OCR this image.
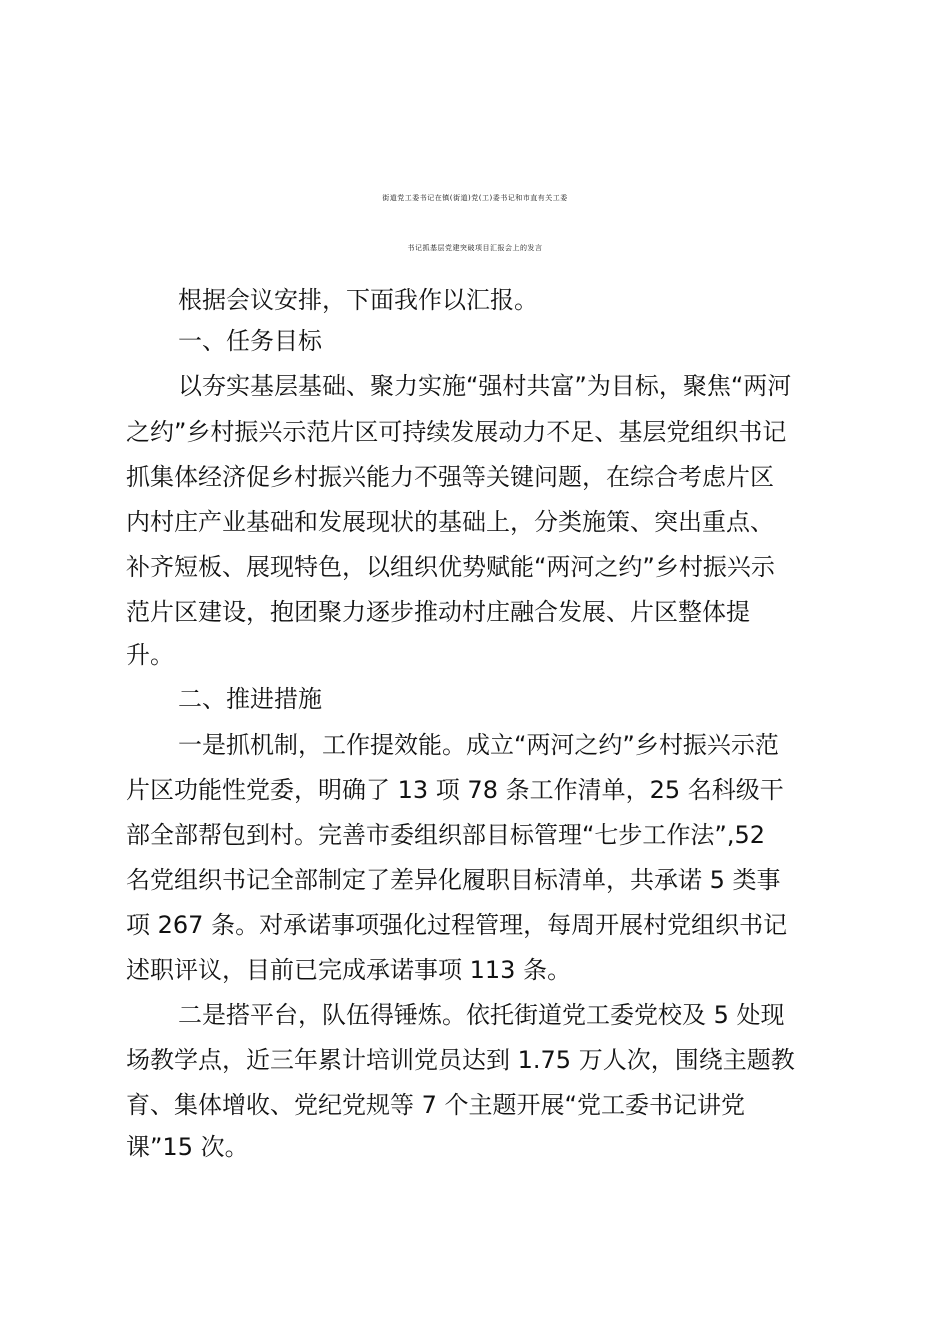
街道党工委书记在镇(街道)党(工)委书记和市直有关工委
书记抓基层党建突破项目汇报会上的发言

根据会议安排，下面我作以汇报。

一、任务目标

以夯实基层基础、聚力实施“强村共富”为目标，聚焦“两河

之约”乡村振兴示范片区可持续发展动力不足、基层党组织书记

抓集体经济促乡村振兴能力不强等关键问题，在综合考虑片区

内村庄产业基础和发展现状的基础上，分类施策、突出重点、

补齐短板、展现特色，以组织优势赋能“两河之约”乡村振兴示

范片区建设，抱团聚力逐步推动村庄融合发展、片区整体提

升。

二、推进措施

一是抓机制，工作提效能。成立“两河之约”乡村振兴示范

片区功能性党委，明确了 13 项 78 条工作清单，25 名科级干

部全部帮包到村。完善市委组织部目标管理“七步工作法”,52

名党组织书记全部制定了差异化履职目标清单，共承诺 5 类事

项 267 条。对承诺事项强化过程管理，每周开展村党组织书记

述职评议，目前已完成承诺事项 113 条。

二是搭平台，队伍得锤炼。依托街道党工委党校及 5 处现

场教学点，近三年累计培训党员达到 1.75 万人次，围绕主题教

育、集体增收、党纪党规等 7 个主题开展“党工委书记讲党

课”15 次。
